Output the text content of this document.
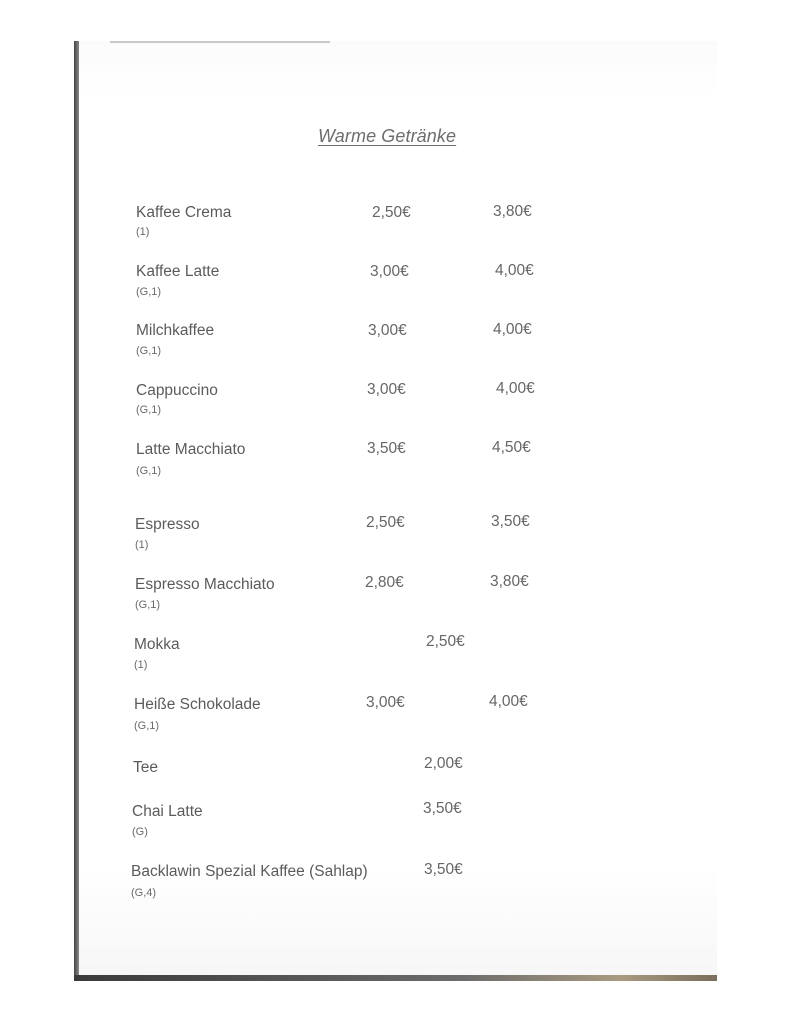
Warme Getränke
Kaffee Crema
(1)
2,50€	3,80€
Kaffee Latte
(G,1)
3,00€	4,00€
Milchkaffee
(G,1)
3,00€	4,00€
Cappuccino
(G,1)
3,00€	4,00€
Latte Macchiato
(G,1)
3,50€	4,50€
Espresso
(1)
2,50€	3,50€
Espresso Macchiato
(G,1)
2,80€	3,80€
Mokka
(1)
2,50€
Heiße Schokolade
(G,1)
3,00€	4,00€
Tee	2,00€
Chai Latte
(G)
3,50€
Backlawin Spezial Kaffee (Sahlap)
(G,4)
3,50€
